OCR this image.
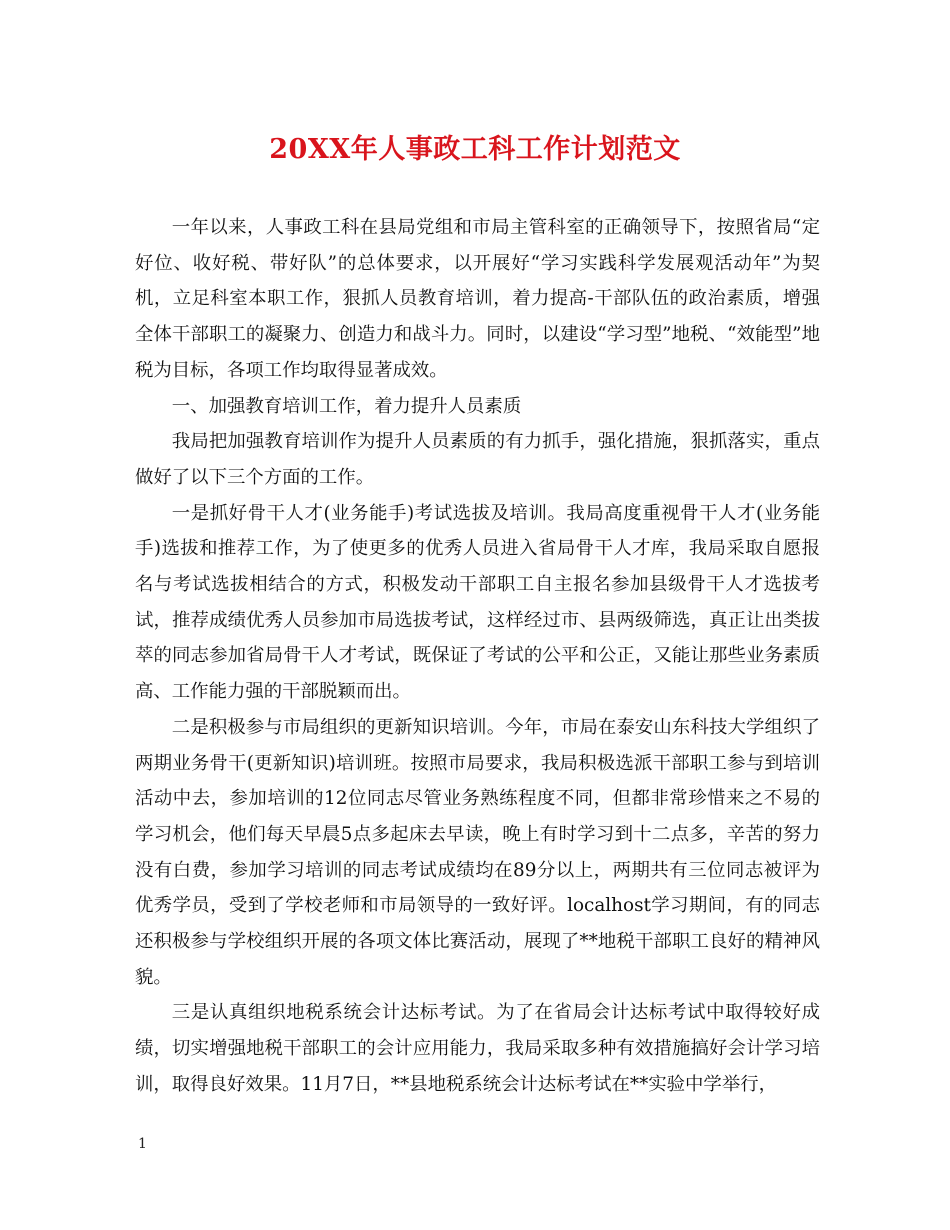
20XX年人事政工科工作计划范文

一年以来，人事政工科在县局党组和市局主管科室的正确领导下，按照省局“定好位、收好税、带好队”的总体要求，以开展好“学习实践科学发展观活动年”为契机，立足科室本职工作，狠抓人员教育培训，着力提高-干部队伍的政治素质，增强全体干部职工的凝聚力、创造力和战斗力。同时，以建设“学习型”地税、“效能型”地税为目标，各项工作均取得显著成效。

一、加强教育培训工作，着力提升人员素质

我局把加强教育培训作为提升人员素质的有力抓手，强化措施，狠抓落实，重点做好了以下三个方面的工作。

一是抓好骨干人才(业务能手)考试选拔及培训。我局高度重视骨干人才(业务能手)选拔和推荐工作，为了使更多的优秀人员进入省局骨干人才库，我局采取自愿报名与考试选拔相结合的方式，积极发动干部职工自主报名参加县级骨干人才选拔考试，推荐成绩优秀人员参加市局选拔考试，这样经过市、县两级筛选，真正让出类拔萃的同志参加省局骨干人才考试，既保证了考试的公平和公正，又能让那些业务素质高、工作能力强的干部脱颖而出。

二是积极参与市局组织的更新知识培训。今年，市局在泰安山东科技大学组织了两期业务骨干(更新知识)培训班。按照市局要求，我局积极选派干部职工参与到培训活动中去，参加培训的12位同志尽管业务熟练程度不同，但都非常珍惜来之不易的学习机会，他们每天早晨5点多起床去早读，晚上有时学习到十二点多，辛苦的努力没有白费，参加学习培训的同志考试成绩均在89分以上，两期共有三位同志被评为优秀学员，受到了学校老师和市局领导的一致好评。localhost学习期间，有的同志还积极参与学校组织开展的各项文体比赛活动，展现了**地税干部职工良好的精神风貌。

三是认真组织地税系统会计达标考试。为了在省局会计达标考试中取得较好成绩，切实增强地税干部职工的会计应用能力，我局采取多种有效措施搞好会计学习培训，取得良好效果。11月7日，**县地税系统会计达标考试在**实验中学举行，

1
